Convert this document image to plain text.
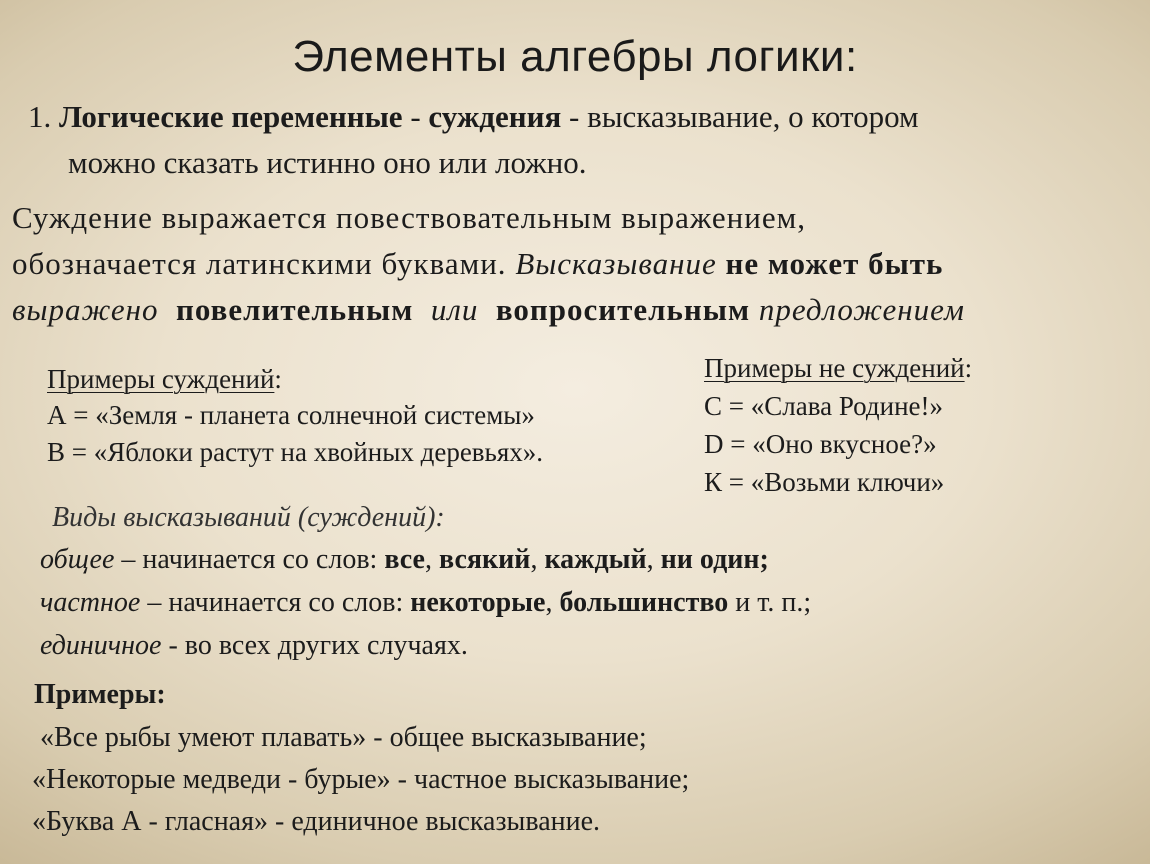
Элементы алгебры логики:
1. Логические переменные - суждения - высказывание, о котором
можно сказать истинно оно или ложно.
Суждение выражается повествовательным выражением,
обозначается латинскими буквами. Высказывание не может быть
выражено повелительным или вопросительным предложением
Примеры суждений:
А = «Земля - планета солнечной системы»
В = «Яблоки растут на хвойных деревьях».
Примеры не суждений:
С = «Слава Родине!»
D = «Оно вкусное?»
К = «Возьми ключи»
Виды высказываний (суждений):
общее – начинается со слов: все, всякий, каждый, ни один;
частное – начинается со слов: некоторые, большинство и т. п.;
единичное - во всех других случаях.
Примеры:
«Все рыбы умеют плавать» - общее высказывание;
«Некоторые медведи - бурые» - частное высказывание;
«Буква А - гласная» - единичное высказывание.
